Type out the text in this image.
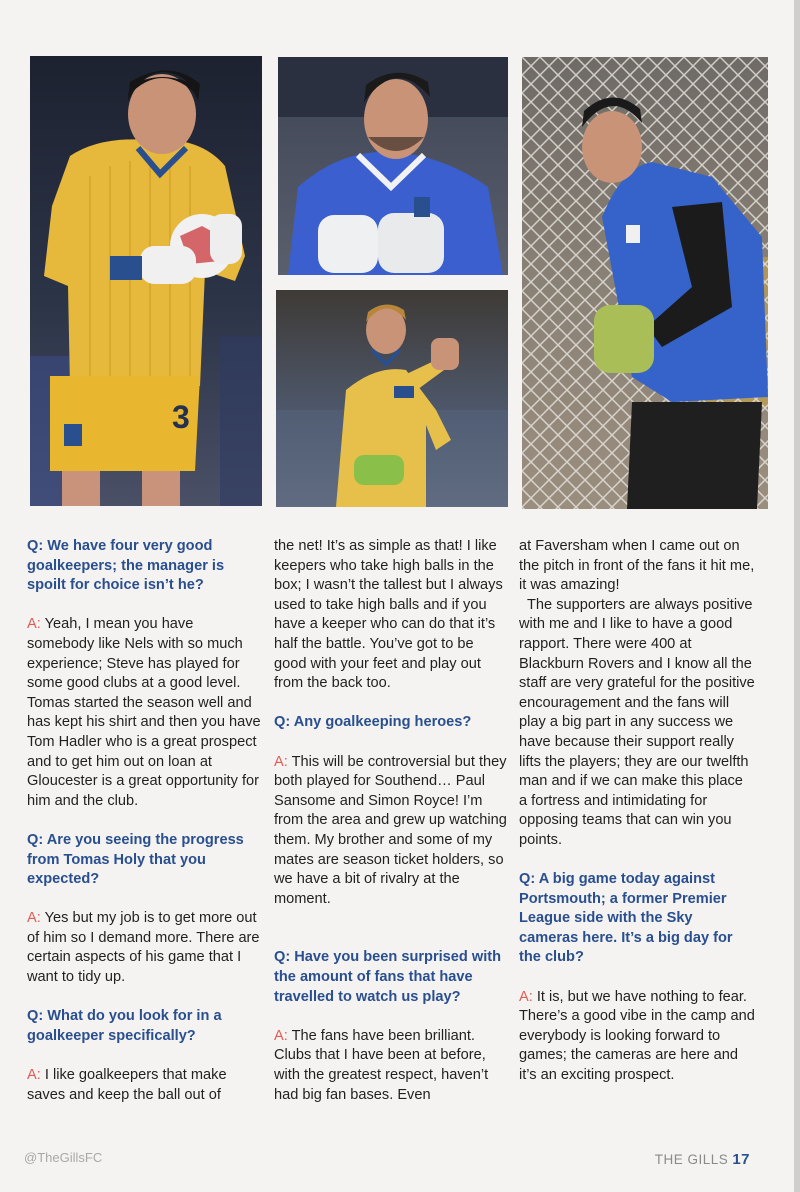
3

Q: We have four very good goalkeepers; the manager is spoilt for choice isn’t he?

A: Yeah, I mean you have somebody like Nels with so much experience; Steve has played for some good clubs at a good level. Tomas started the season well and has kept his shirt and then you have Tom Hadler who is a great prospect and to get him out on loan at Gloucester is a great opportunity for him and the club.

Q: Are you seeing the progress from Tomas Holy that you expected?

A: Yes but my job is to get more out of him so I demand more. There are certain aspects of his game that I want to tidy up.

Q: What do you look for in a goalkeeper specifically?

A: I like goalkeepers that make saves and keep the ball out of

the net! It’s as simple as that! I like keepers who take high balls in the box; I wasn’t the tallest but I always used to take high balls and if you have a keeper who can do that it’s half the battle. You’ve got to be good with your feet and play out from the back too.

Q: Any goalkeeping heroes?

A: This will be controversial but they both played for Southend… Paul Sansome and Simon Royce! I’m from the area and grew up watching them. My brother and some of my mates are season ticket holders, so we have a bit of rivalry at the moment.

Q: Have you been surprised with the amount of fans that have travelled to watch us play?

A: The fans have been brilliant. Clubs that I have been at before, with the greatest respect, haven’t had big fan bases. Even

at Faversham when I came out on the pitch in front of the fans it hit me, it was amazing!

The supporters are always positive with me and I like to have a good rapport. There were 400 at Blackburn Rovers and I know all the staff are very grateful for the positive encouragement and the fans will play a big part in any success we have because their support really lifts the players; they are our twelfth man and if we can make this place a fortress and intimidating for opposing teams that can win you points.

Q: A big game today against Portsmouth; a former Premier League side with the Sky cameras here. It’s a big day for the club?

A: It is, but we have nothing to fear. There’s a good vibe in the camp and everybody is looking forward to games; the cameras are here and it’s an exciting prospect.

@TheGillsFC	THE GILLS 17
